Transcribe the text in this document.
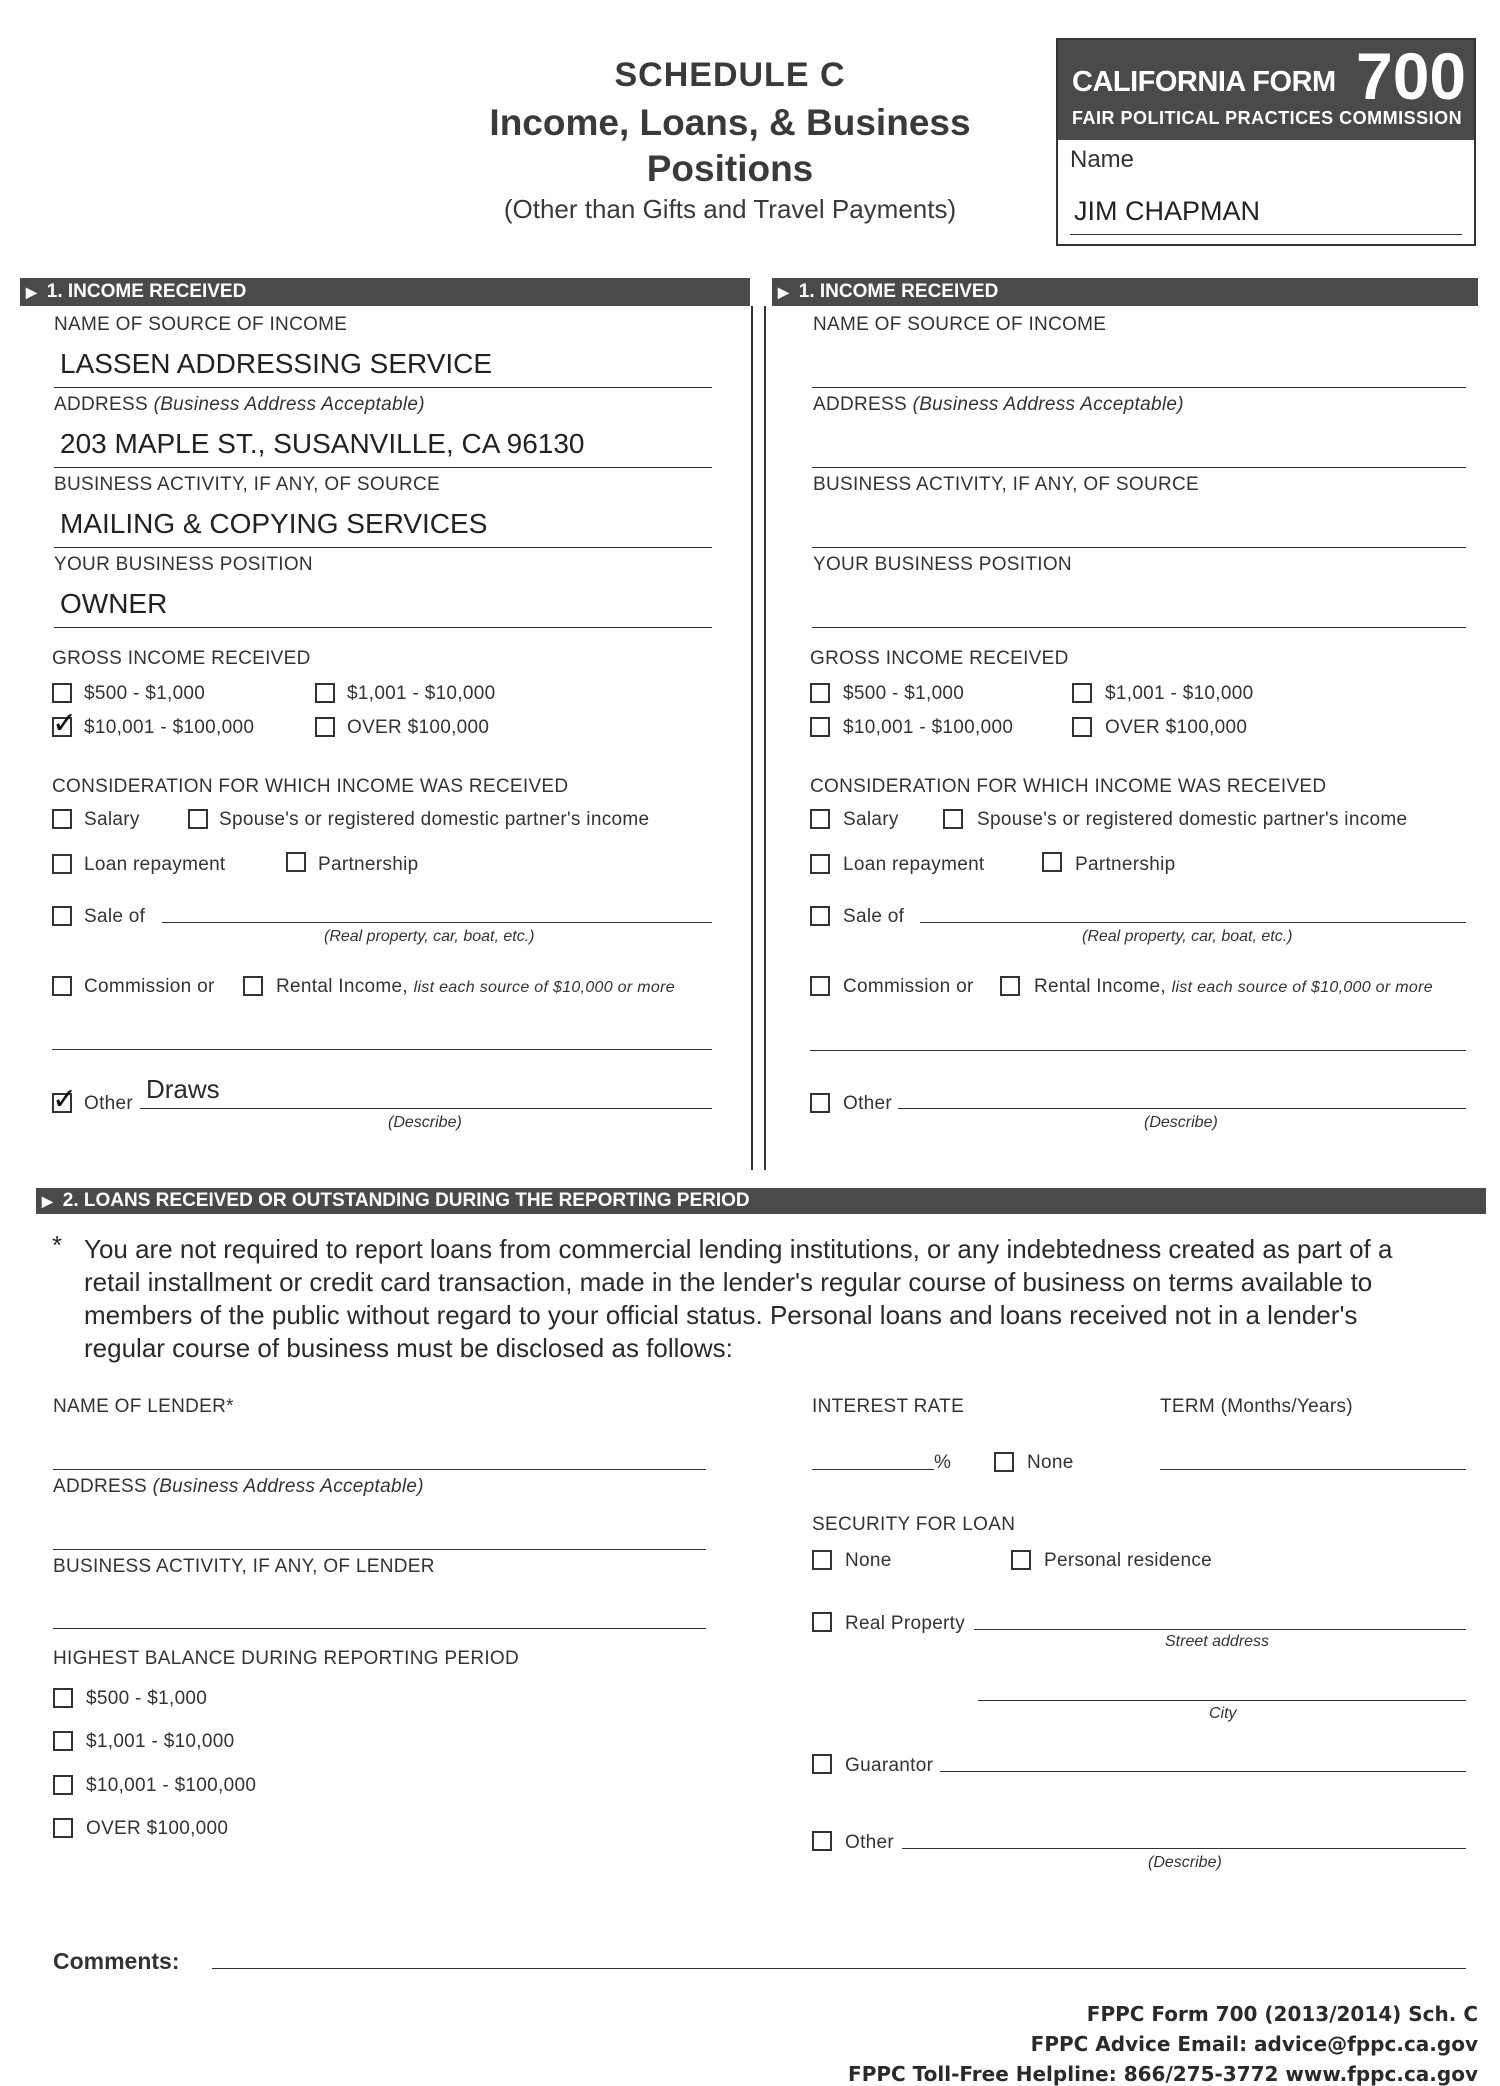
SCHEDULE C
Income, Loans, & Business
Positions
(Other than Gifts and Travel Payments)
CALIFORNIA FORM 700
FAIR POLITICAL PRACTICES COMMISSION
Name
JIM CHAPMAN
▶ 1. INCOME RECEIVED	▶ 1. INCOME RECEIVED
NAME OF SOURCE OF INCOME
LASSEN ADDRESSING SERVICE
ADDRESS (Business Address Acceptable)
203 MAPLE ST., SUSANVILLE, CA 96130
BUSINESS ACTIVITY, IF ANY, OF SOURCE
MAILING & COPYING SERVICES
YOUR BUSINESS POSITION
OWNER
GROSS INCOME RECEIVED
$500 - $1,000	$1,001 - $10,000
✓ $10,001 - $100,000	OVER $100,000
CONSIDERATION FOR WHICH INCOME WAS RECEIVED
Salary	Spouse's or registered domestic partner's income
Loan repayment	Partnership
Sale of
(Real property, car, boat, etc.)
Commission or	Rental Income, list each source of $10,000 or more
✓ Other Draws
(Describe)
NAME OF SOURCE OF INCOME
ADDRESS (Business Address Acceptable)
BUSINESS ACTIVITY, IF ANY, OF SOURCE
YOUR BUSINESS POSITION
GROSS INCOME RECEIVED
$500 - $1,000	$1,001 - $10,000
$10,001 - $100,000	OVER $100,000
CONSIDERATION FOR WHICH INCOME WAS RECEIVED
Salary	Spouse's or registered domestic partner's income
Loan repayment	Partnership
Sale of
(Real property, car, boat, etc.)
Commission or	Rental Income, list each source of $10,000 or more
Other
(Describe)
▶ 2. LOANS RECEIVED OR OUTSTANDING DURING THE REPORTING PERIOD
* You are not required to report loans from commercial lending institutions, or any indebtedness created as part of a
retail installment or credit card transaction, made in the lender's regular course of business on terms available to
members of the public without regard to your official status. Personal loans and loans received not in a lender's
regular course of business must be disclosed as follows:
NAME OF LENDER*
ADDRESS (Business Address Acceptable)
BUSINESS ACTIVITY, IF ANY, OF LENDER
HIGHEST BALANCE DURING REPORTING PERIOD
$500 - $1,000
$1,001 - $10,000
$10,001 - $100,000
OVER $100,000
INTEREST RATE	TERM (Months/Years)
%	None
SECURITY FOR LOAN
None	Personal residence
Real Property
Street address
City
Guarantor
Other
(Describe)
Comments:
FPPC Form 700 (2013/2014) Sch. C
FPPC Advice Email: advice@fppc.ca.gov
FPPC Toll-Free Helpline: 866/275-3772 www.fppc.ca.gov
